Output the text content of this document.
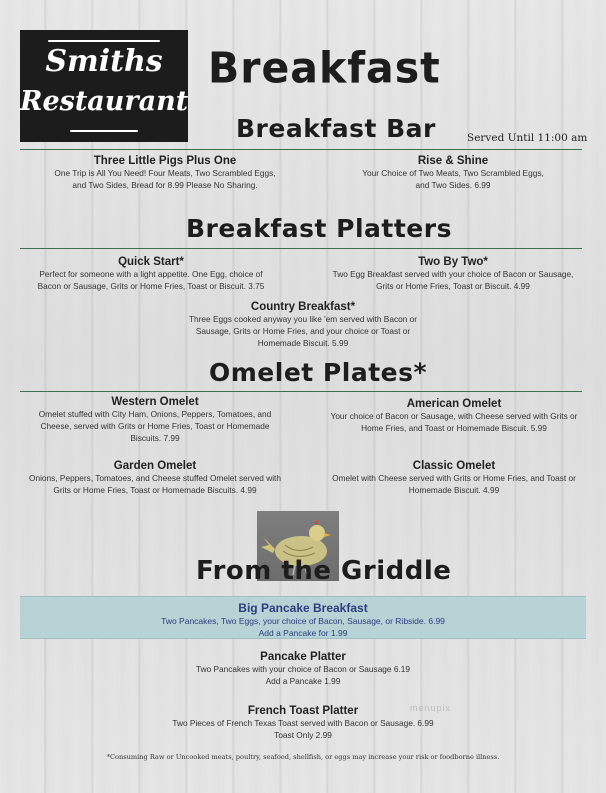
Smiths
Restaurant
Breakfast
Breakfast Bar	Served Until 11:00 am
Three Little Pigs Plus One
One Trip is All You Need! Four Meats, Two Scrambled Eggs,
and Two Sides, Bread for 8.99 Please No Sharing.
Rise & Shine
Your Choice of Two Meats, Two Scrambled Eggs,
and Two Sides. 6.99
Breakfast Platters
Quick Start*
Perfect for someone with a light appetite. One Egg, choice of
Bacon or Sausage, Grits or Home Fries, Toast or Biscuit. 3.75
Two By Two*
Two Egg Breakfast served with your choice of Bacon or Sausage,
Grits or Home Fries, Toast or Biscuit. 4.99
Country Breakfast*
Three Eggs cooked anyway you like 'em served with Bacon or
Sausage, Grits or Home Fries, and your choice or Toast or
Homemade Biscuit. 5.99
Omelet Plates*
Western Omelet
Omelet stuffed with City Ham, Onions, Peppers, Tomatoes, and
Cheese, served with Grits or Home Fries, Toast or Homemade
Biscuits. 7.99
American Omelet
Your choice of Bacon or Sausage, with Cheese served with Grits or
Home Fries, and Toast or Homemade Biscuit. 5.99
Garden Omelet
Onions, Peppers, Tomatoes, and Cheese stuffed Omelet served with
Grits or Home Fries, Toast or Homemade Biscuits. 4.99
Classic Omelet
Omelet with Cheese served with Grits or Home Fries, and Toast or
Homemade Biscuit. 4.99
From the Griddle
Big Pancake Breakfast
Two Pancakes, Two Eggs, your choice of Bacon, Sausage, or Ribside. 6.99
Add a Pancake for 1.99
Pancake Platter
Two Pancakes with your choice of Bacon or Sausage 6.19
Add a Pancake 1.99
French Toast Platter
Two Pieces of French Texas Toast served with Bacon or Sausage. 6.99
Toast Only 2.99
menupix
*Consuming Raw or Uncooked meats, poultry, seafood, shellfish, or eggs may increase your risk or foodborne illness.
